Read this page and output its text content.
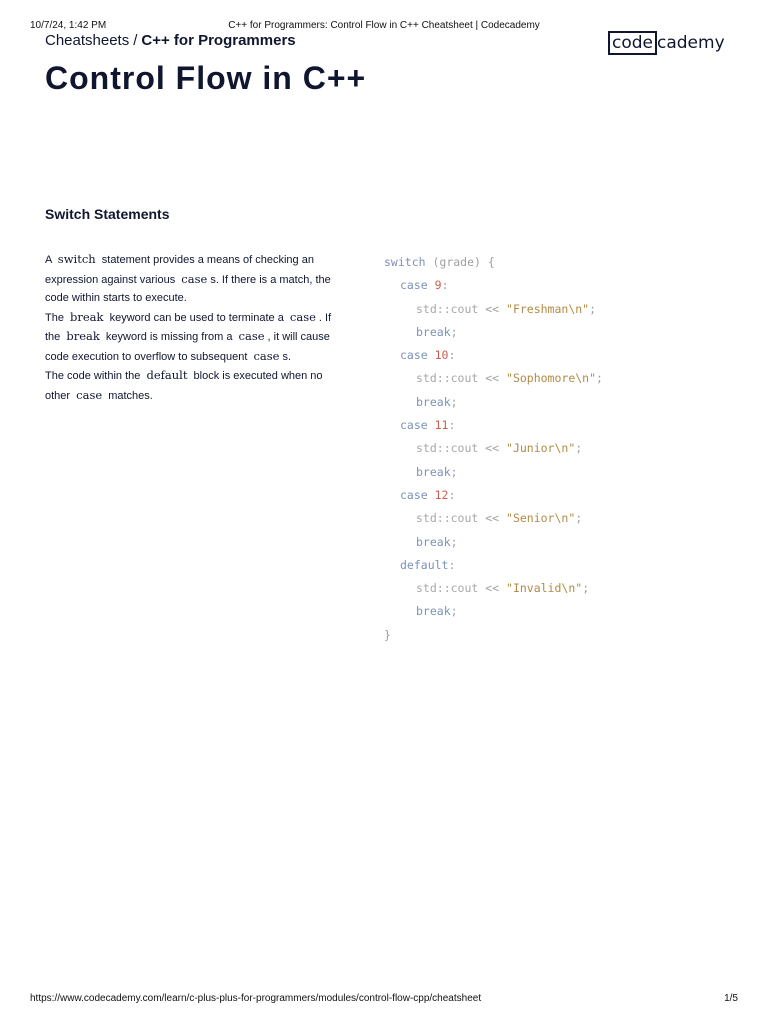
10/7/24, 1:42 PM	C++ for Programmers: Control Flow in C++ Cheatsheet | Codecademy
Cheatsheets / C++ for Programmers	code cademy
Control Flow in C++
Switch Statements

A switch statement provides a means of checking an expression against various case s. If there is a match, the code within starts to execute.

The break keyword can be used to terminate a case . If the break keyword is missing from a case , it will cause code execution to overflow to subsequent case s.

The code within the default block is executed when no other case matches.

switch (grade) {
case 9:
std::cout << "Freshman\n";
break;
case 10:
std::cout << "Sophomore\n";
break;
case 11:
std::cout << "Junior\n";
break;
case 12:
std::cout << "Senior\n";
break;
default:
std::cout << "Invalid\n";
break;
}
https://www.codecademy.com/learn/c-plus-plus-for-programmers/modules/control-flow-cpp/cheatsheet	1/5
